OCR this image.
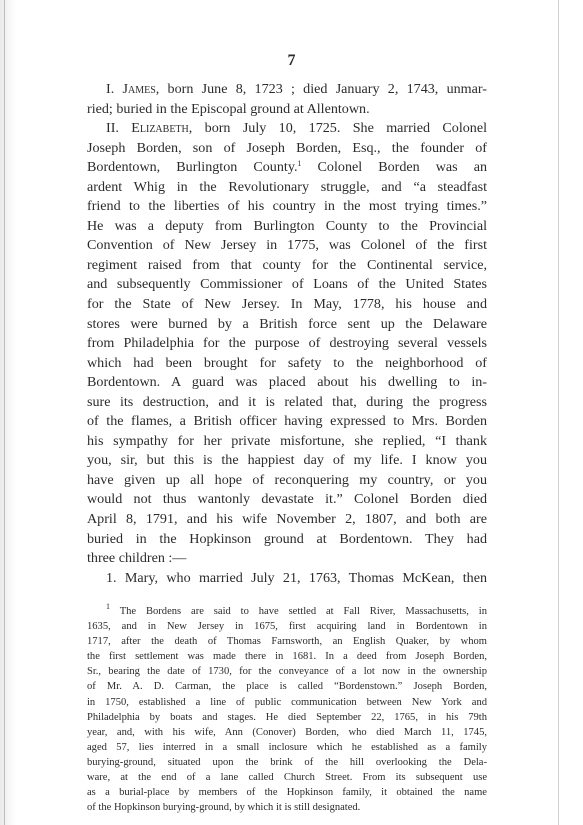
7
I. James, born June 8, 1723 ; died January 2, 1743, unmar-
ried; buried in the Episcopal ground at Allentown.
II. Elizabeth, born July 10, 1725. She married Colonel
Joseph Borden, son of Joseph Borden, Esq., the founder of
Bordentown, Burlington County.$^1$ Colonel Borden was an
ardent Whig in the Revolutionary struggle, and “a steadfast
friend to the liberties of his country in the most trying times.”
He was a deputy from Burlington County to the Provincial
Convention of New Jersey in 1775, was Colonel of the first
regiment raised from that county for the Continental service,
and subsequently Commissioner of Loans of the United States
for the State of New Jersey. In May, 1778, his house and
stores were burned by a British force sent up the Delaware
from Philadelphia for the purpose of destroying several vessels
which had been brought for safety to the neighborhood of
Bordentown. A guard was placed about his dwelling to in-
sure its destruction, and it is related that, during the progress
of the flames, a British officer having expressed to Mrs. Borden
his sympathy for her private misfortune, she replied, “I thank
you, sir, but this is the happiest day of my life. I know you
have given up all hope of reconquering my country, or you
would not thus wantonly devastate it.” Colonel Borden died
April 8, 1791, and his wife November 2, 1807, and both are
buried in the Hopkinson ground at Bordentown. They had
three children :—
1. Mary, who married July 21, 1763, Thomas McKean, then
$^1$ The Bordens are said to have settled at Fall River, Massachusetts, in
1635, and in New Jersey in 1675, first acquiring land in Bordentown in
1717, after the death of Thomas Farnsworth, an English Quaker, by whom
the first settlement was made there in 1681. In a deed from Joseph Borden,
Sr., bearing the date of 1730, for the conveyance of a lot now in the ownership
of Mr. A. D. Carman, the place is called “Bordenstown.” Joseph Borden,
in 1750, established a line of public communication between New York and
Philadelphia by boats and stages. He died September 22, 1765, in his 79th
year, and, with his wife, Ann (Conover) Borden, who died March 11, 1745,
aged 57, lies interred in a small inclosure which he established as a family
burying-ground, situated upon the brink of the hill overlooking the Dela-
ware, at the end of a lane called Church Street. From its subsequent use
as a burial-place by members of the Hopkinson family, it obtained the name
of the Hopkinson burying-ground, by which it is still designated.
